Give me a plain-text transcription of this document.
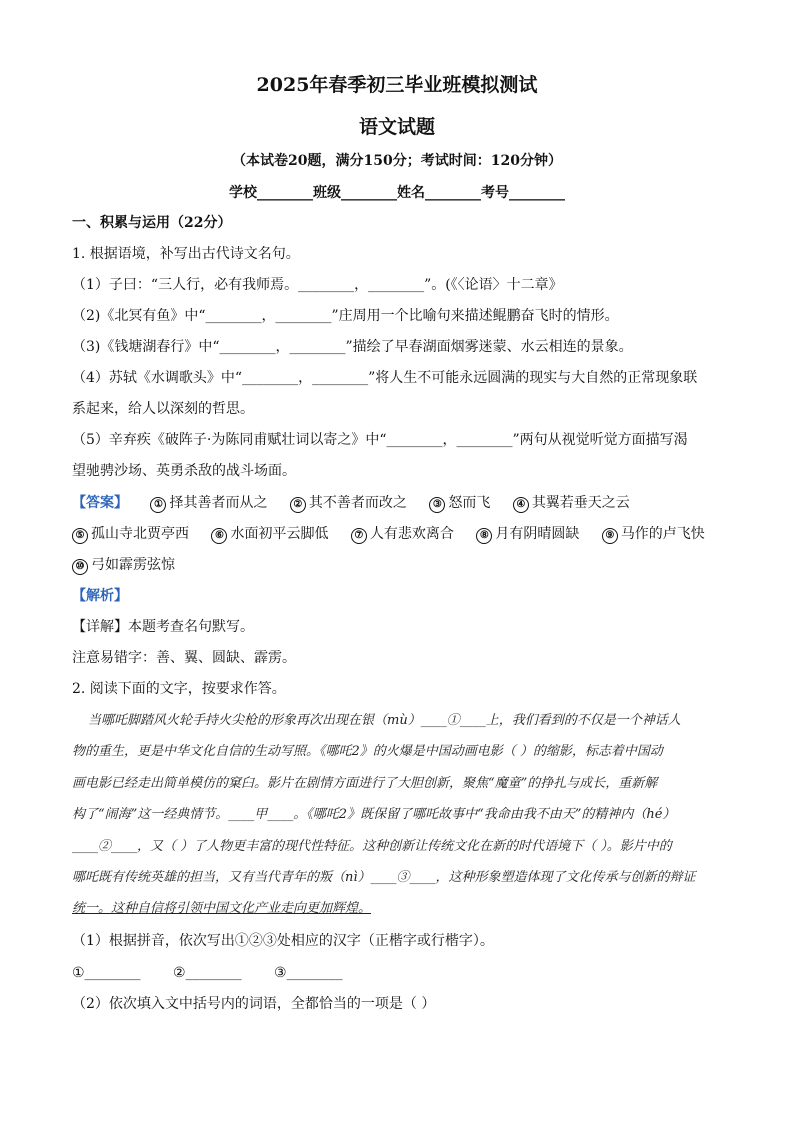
2025年春季初三毕业班模拟测试
语文试题
（本试卷20题，满分150分；考试时间：120分钟）
学校________班级________姓名________考号________
一、积累与运用（22分）
1. 根据语境，补写出古代诗文名句。
（1）子曰：“三人行，必有我师焉。________，________”。(《〈论语〉十二章》
（2)《北冥有鱼》中“________，________”庄周用一个比喻句来描述鲲鹏奋飞时的情形。
（3)《钱塘湖春行》中“________，________”描绘了早春湖面烟雾迷蒙、水云相连的景象。
（4）苏轼《水调歌头》中“________，________”将人生不可能永远圆满的现实与大自然的正常现象联
系起来，给人以深刻的哲思。
（5）辛弃疾《破阵子·为陈同甫赋壮词以寄之》中“________，________”两句从视觉听觉方面描写渴
望驰骋沙场、英勇杀敌的战斗场面。
【答案】	① 择其善者而从之	② 其不善者而改之	③ 怒而飞	④ 其翼若垂天之云
⑤ 孤山寺北贾亭西	⑥ 水面初平云脚低	⑦ 人有悲欢离合	⑧ 月有阴晴圆缺	⑨ 马作的卢飞快
⑩ 弓如霹雳弦惊
【解析】
【详解】本题考查名句默写。
注意易错字：善、翼、圆缺、霹雳。
2. 阅读下面的文字，按要求作答。
当哪吒脚踏风火轮手持火尖枪的形象再次出现在银（mù）____①____上，我们看到的不仅是一个神话人
物的重生，更是中华文化自信的生动写照。《哪吒2》的火爆是中国动画电影（ ）的缩影，标志着中国动
画电影已经走出简单模仿的窠臼。影片在剧情方面进行了大胆创新，聚焦“魔童”的挣扎与成长，重新解
构了“闹海”这一经典情节。____甲____。《哪吒2》既保留了哪吒故事中“我命由我不由天”的精神内（hé）
____②____，又（ ）了人物更丰富的现代性特征。这种创新让传统文化在新的时代语境下（ ）。影片中的
哪吒既有传统英雄的担当，又有当代青年的叛（nì）____③____，这种形象塑造体现了文化传承与创新的辩证
统一。这种自信将引领中国文化产业走向更加辉煌。
（1）根据拼音，依次写出①②③处相应的汉字（正楷字或行楷字）。
①________ ②________ ③________
（2）依次填入文中括号内的词语，全都恰当的一项是（ ）
